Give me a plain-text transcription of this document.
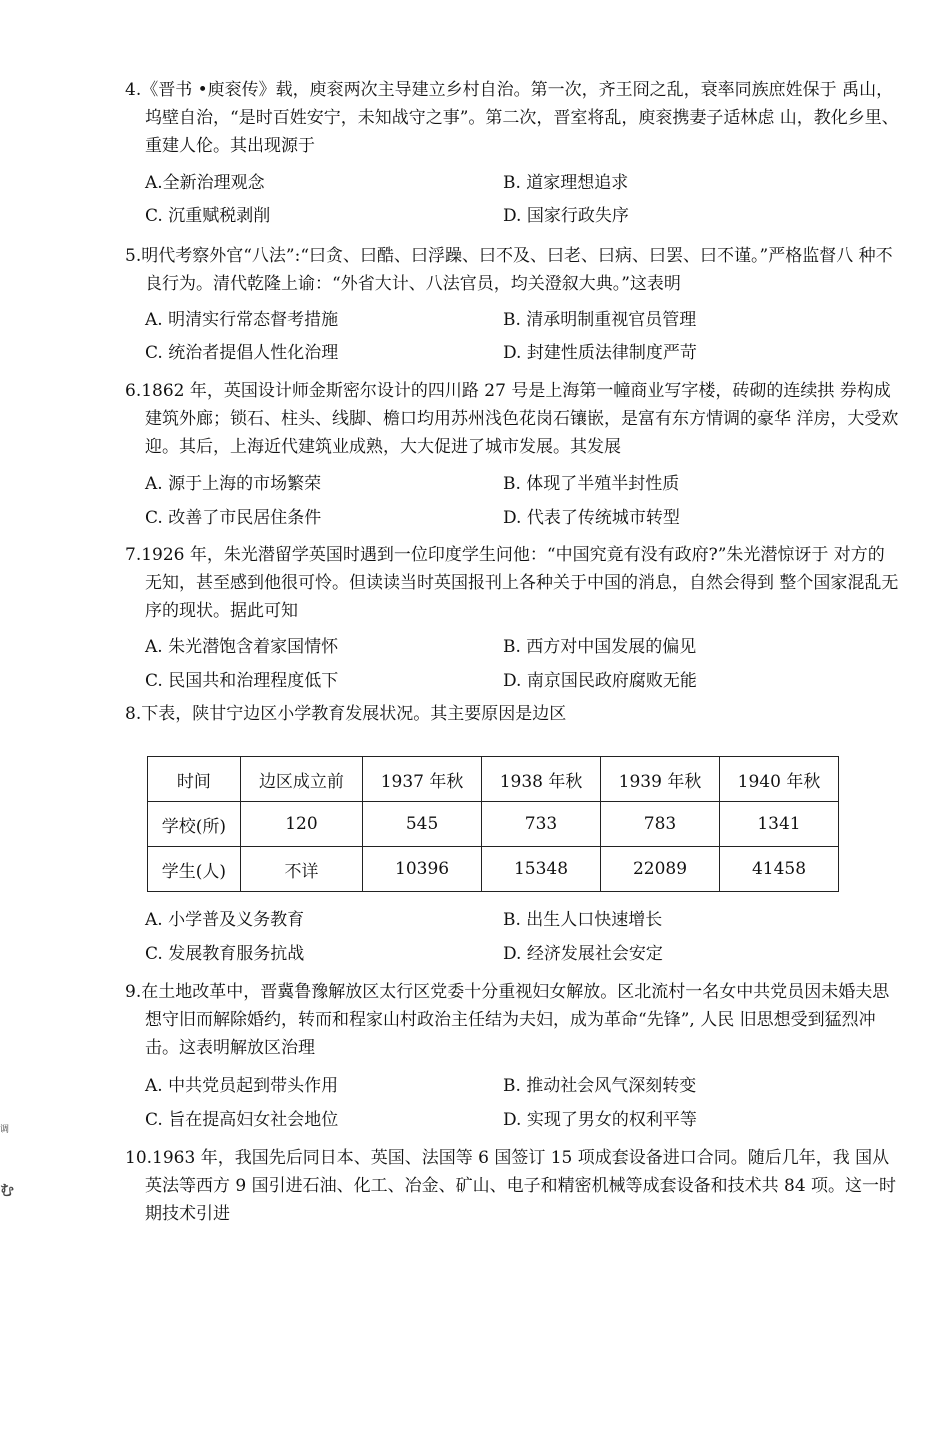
4.《晋书 •庾衮传》载，庾衮两次主导建立乡村自治。第一次，齐王冏之乱，衰率同族庶姓保于 禹山，坞壁自治，“是时百姓安宁，未知战守之事”。第二次，晋室将乱，庾衮携妻子适林虑 山，教化乡里、重建人伦。其出现源于

A.全新治理观念	B. 道家理想追求
C. 沉重赋税剥削	D. 国家行政失序

5.明代考察外官“八法”:“曰贪、曰酷、曰浮躁、曰不及、曰老、曰病、曰罢、曰不谨。”严格监督八 种不良行为。清代乾隆上谕：“外省大计、八法官员，均关澄叙大典。”这表明

A. 明清实行常态督考措施	B. 清承明制重视官员管理
C. 统治者提倡人性化治理	D. 封建性质法律制度严苛

6.1862 年，英国设计师金斯密尔设计的四川路 27 号是上海第一幢商业写字楼，砖砌的连续拱 券构成建筑外廊；锁石、柱头、线脚、檐口均用苏州浅色花岗石镶嵌，是富有东方情调的豪华 洋房，大受欢迎。其后，上海近代建筑业成熟，大大促进了城市发展。其发展

A. 源于上海的市场繁荣	B. 体现了半殖半封性质
C. 改善了市民居住条件	D. 代表了传统城市转型

7.1926 年，朱光潜留学英国时遇到一位印度学生问他：“中国究竟有没有政府?”朱光潜惊讶于 对方的无知，甚至感到他很可怜。但读读当时英国报刊上各种关于中国的消息，自然会得到 整个国家混乱无序的现状。据此可知

A. 朱光潜饱含着家国情怀	B. 西方对中国发展的偏见
C. 民国共和治理程度低下	D. 南京国民政府腐败无能

8.下表，陕甘宁边区小学教育发展状况。其主要原因是边区

时间	边区成立前	1937 年秋	1938 年秋	1939 年秋	1940 年秋
学校(所)	120	545	733	783	1341
学生(人)	不详	10396	15348	22089	41458
A. 小学普及义务教育	B. 出生人口快速增长
C. 发展教育服务抗战	D. 经济发展社会安定

9.在土地改革中，晋冀鲁豫解放区太行区党委十分重视妇女解放。区北流村一名女中共党员因未婚夫思想守旧而解除婚约，转而和程家山村政治主任结为夫妇，成为革命“先锋”, 人民 旧思想受到猛烈冲击。这表明解放区治理

A. 中共党员起到带头作用	B. 推动社会风气深刻转变
C. 旨在提高妇女社会地位	D. 实现了男女的权利平等

10.1963 年，我国先后同日本、英国、法国等 6 国签订 15 项成套设备进口合同。随后几年，我 国从英法等西方 9 国引进石油、化工、冶金、矿山、电子和精密机械等成套设备和技术共 84 项。这一时期技术引进

调
む
